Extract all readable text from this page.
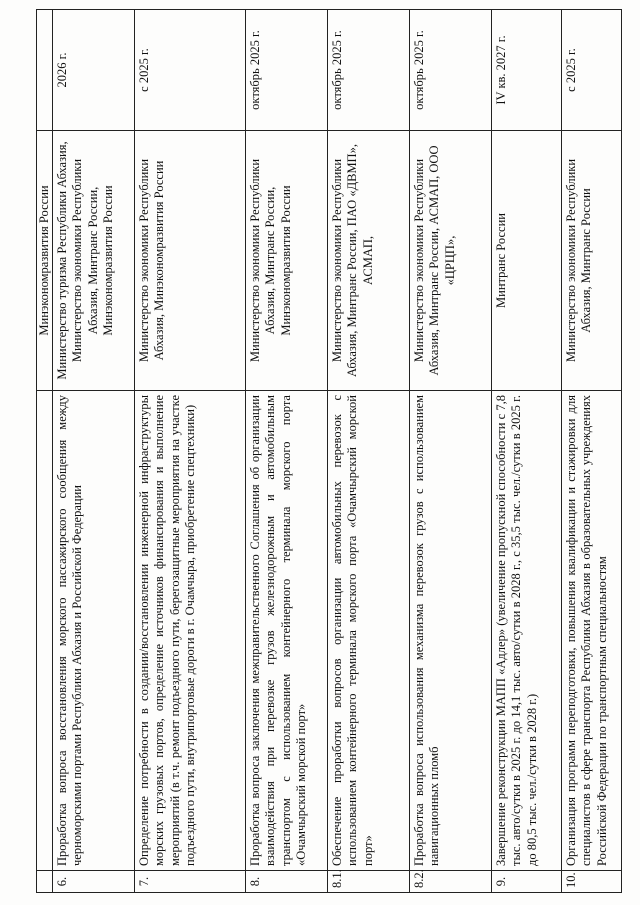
		Минэкономразвития России	
6.	Проработка вопроса восстановления морского пассажирского сообщения между черноморскими портами Республики Абхазия и Российской Федерации	Министерство туризма Республики Абхазия, Министерство экономики Республики Абхазия, Минтранс России, Минэкономразвития России	2026 г.
7.	Определение потребности в создании/восстановлении инженерной инфраструктуры морских грузовых портов, определение источников финансирования и выполнение мероприятий (в т.ч. ремонт подъездного пути, берегозащитные мероприятия на участке подъездного пути, внутрипортовые дороги в г. Очамчыра, приобретение спецтехники)	Министерство экономики Республики Абхазия, Минэкономразвития России	с 2025 г.
8.	Проработка вопроса заключения межправительственного Соглашения об организации взаимодействия при перевозке грузов железнодорожным и автомобильным транспортом с использованием контейнерного терминала морского порта «Очамчырский морской порт»	Министерство экономики Республики Абхазия, Минтранс России, Минэкономразвития России	октябрь 2025 г.
8.1.	Обеспечение проработки вопросов организации автомобильных перевозок с использованием контейнерного терминала морского порта «Очамчырский морской порт»	Министерство экономики Республики Абхазия, Минтранс России, ПАО «ДВМП», АСМАП,	октябрь 2025 г.
8.2.	Проработка вопроса использования механизма перевозок грузов с использованием навигационных пломб	Министерство экономики Республики Абхазия, Минтранс России, АСМАП, ООО «ЦРЦП»,	октябрь 2025 г.
9.	Завершение реконструкции МАПП «Адлер» (увеличение пропускной способности с 7,8 тыс. авто/сутки в 2025 г. до 14,1 тыс. авто/сутки в 2028 г., с 35,5 тыс. чел./сутки в 2025 г. до 80,5 тыс. чел./сутки в 2028 г.)	Минтранс России	IV кв. 2027 г.
10.	Организация программ переподготовки, повышения квалификации и стажировки для специалистов в сфере транспорта Республики Абхазия в образовательных учреждениях Российской Федерации по транспортным специальностям	Министерство экономики Республики Абхазия, Минтранс России	с 2025 г.
